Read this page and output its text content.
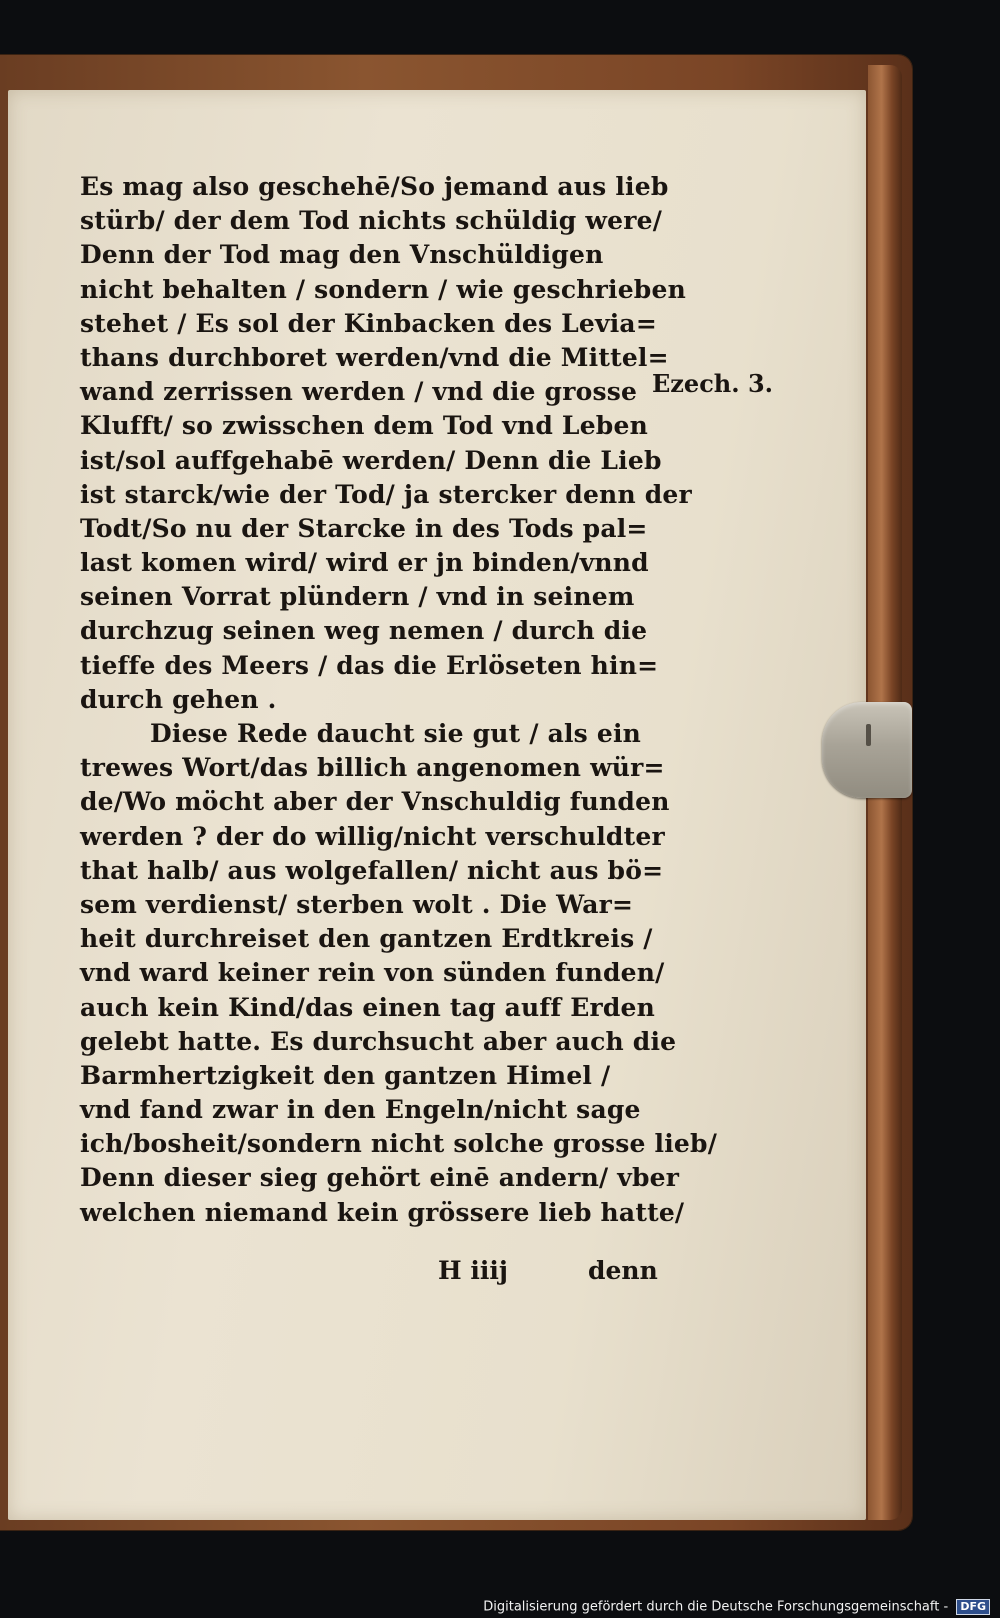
Es mag also geschehē/So jemand aus lieb
stürb/ der dem Tod nichts schüldig were/
Denn der Tod mag den Vnschüldigen
nicht behalten / sondern / wie geschrieben
stehet / Es sol der Kinbacken des Levia=
thans durchboret werden/vnd die Mittel=
wand zerrissen werden / vnd die grosse
Klufft/ so zwisschen dem Tod vnd Leben
ist/sol auffgehabē werden/ Denn die Lieb
ist starck/wie der Tod/ ja stercker denn der
Todt/So nu der Starcke in des Tods pal=
last komen wird/ wird er jn binden/vnnd
seinen Vorrat plündern / vnd in seinem
durchzug seinen weg nemen / durch die
tieffe des Meers / das die Erlöseten hin=
durch gehen .
Diese Rede daucht sie gut / als ein
trewes Wort/das billich angenomen wür=
de/Wo möcht aber der Vnschuldig funden
werden ? der do willig/nicht verschuldter
that halb/ aus wolgefallen/ nicht aus bö=
sem verdienst/ sterben wolt . Die War=
heit durchreiset den gantzen Erdtkreis /
vnd ward keiner rein von sünden funden/
auch kein Kind/das einen tag auff Erden
gelebt hatte. Es durchsucht aber auch die
Barmhertzigkeit den gantzen Himel /
vnd fand zwar in den Engeln/nicht sage
ich/bosheit/sondern nicht solche grosse lieb/
Denn dieser sieg gehört einē andern/ vber
welchen niemand kein grössere lieb hatte/
Ezech. 3.
H iiij	denn
Digitalisierung gefördert durch die Deutsche Forschungsgemeinschaft - DFG
